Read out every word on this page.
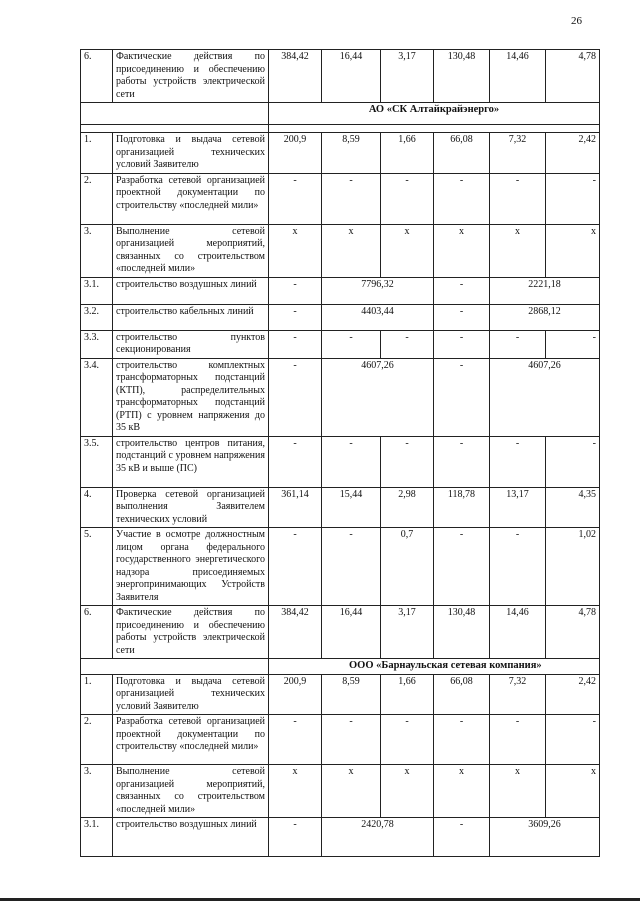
26
6.	Фактические действия по присоединению и обеспечению работы устройств электрической сети	384,42	16,44	3,17	130,48	14,46	4,78
		АО «СК Алтайкрайэнерго»					

1.	Подготовка и выдача сетевой организацией технических условий Заявителю	200,9	8,59	1,66	66,08	7,32	2,42
2.	Разработка сетевой организацией проектной документации по строительству «последней мили»	-	-	-	-	-	-
3.	Выполнение сетевой организацией мероприятий, связанных со строительством «последней мили»	x	x	x	x	x	x
3.1.	строительство воздушных линий	-	7796,32		-	2221,18	
3.2.	строительство кабельных линий	-	4403,44		-	2868,12	
3.3.	строительство пунктов секционирования	-	-	-	-	-	-
3.4.	строительство комплектных трансформаторных подстанций (КТП), распределительных трансформаторных подстанций (РТП) с уровнем напряжения до 35 кВ	-	4607,26		-	4607,26	
3.5.	строительство центров питания, подстанций с уровнем напряжения 35 кВ и выше (ПС)	-	-	-	-	-	-
4.	Проверка сетевой организацией выполнения Заявителем технических условий	361,14	15,44	2,98	118,78	13,17	4,35
5.	Участие в осмотре должностным лицом органа федерального государственного энергетического надзора присоединяемых энергопринимающих Устройств Заявителя	-	-	0,7	-	-	1,02
6.	Фактические действия по присоединению и обеспечению работы устройств электрической сети	384,42	16,44	3,17	130,48	14,46	4,78
		ООО «Барнаульская сетевая компания»					
1.	Подготовка и выдача сетевой организацией технических условий Заявителю	200,9	8,59	1,66	66,08	7,32	2,42
2.	Разработка сетевой организацией проектной документации по строительству «последней мили»	-	-	-	-	-	-
3.	Выполнение сетевой организацией мероприятий, связанных со строительством «последней мили»	x	x	x	x	x	x
3.1.	строительство воздушных линий	-	2420,78		-	3609,26	
